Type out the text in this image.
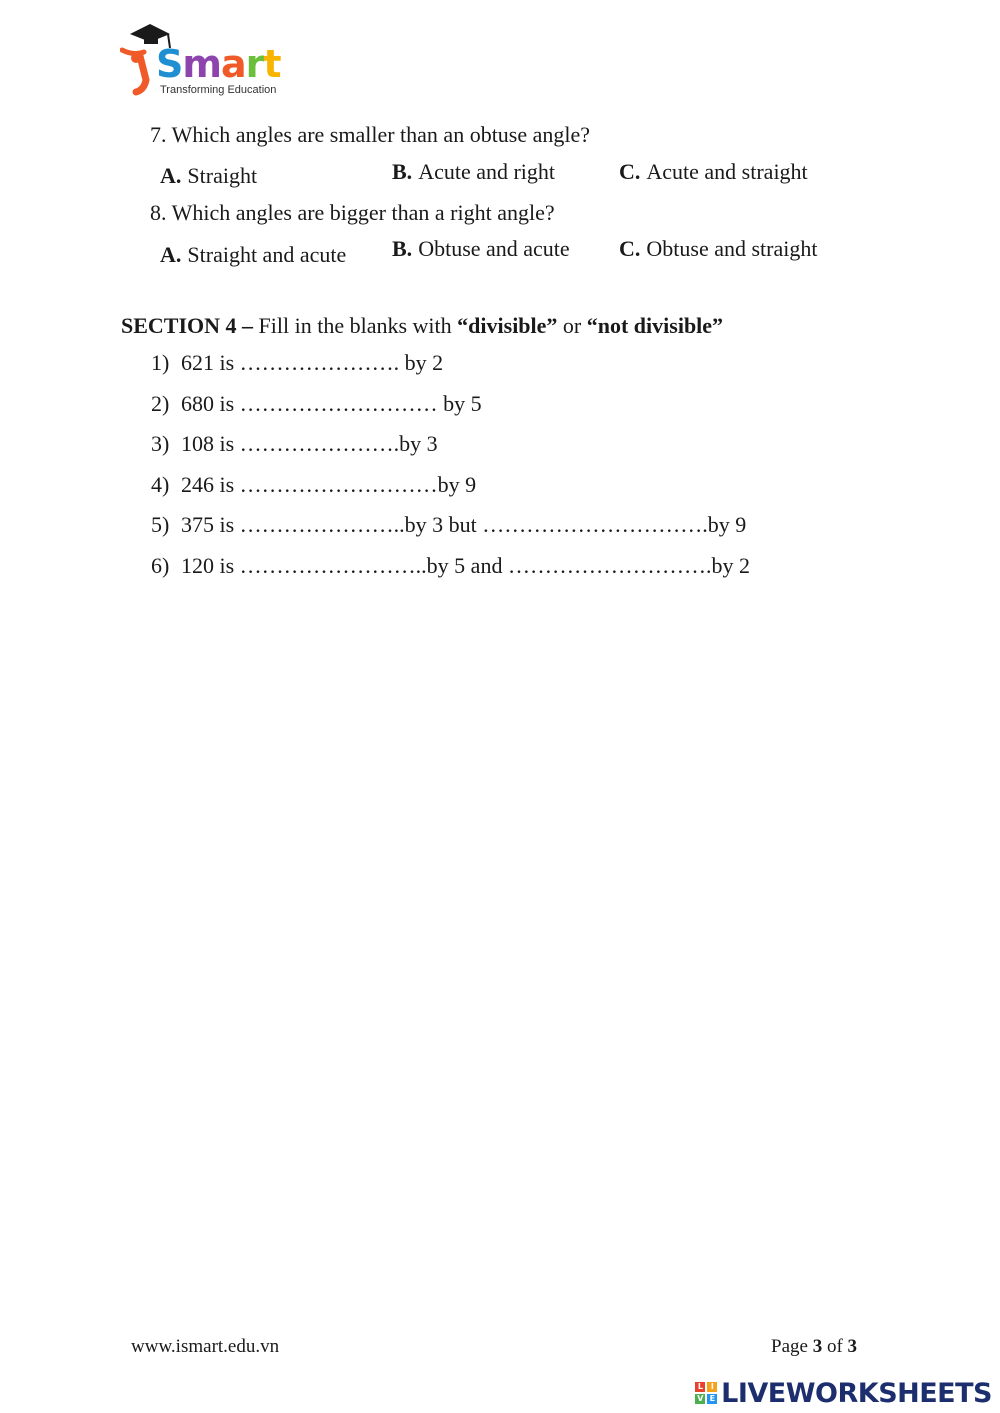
Smart
Transforming Education
7. Which angles are smaller than an obtuse angle?
A. Straight	B. Acute and right	C. Acute and straight
8. Which angles are bigger than a right angle?
A. Straight and acute B. Obtuse and acute C. Obtuse and straight
SECTION 4 – Fill in the blanks with “divisible” or “not divisible”
1) 621 is …………………. by 2
2) 680 is ……………………… by 5
3) 108 is ………………….by 3
4) 246 is ………………………by 9
5) 375 is …………………..by 3 but ………………………….by 9
6) 120 is ……………………..by 5 and ……………………….by 2
www.ismart.edu.vn	Page 3 of 3
L	I
V E LIVEWORKSHEETS
